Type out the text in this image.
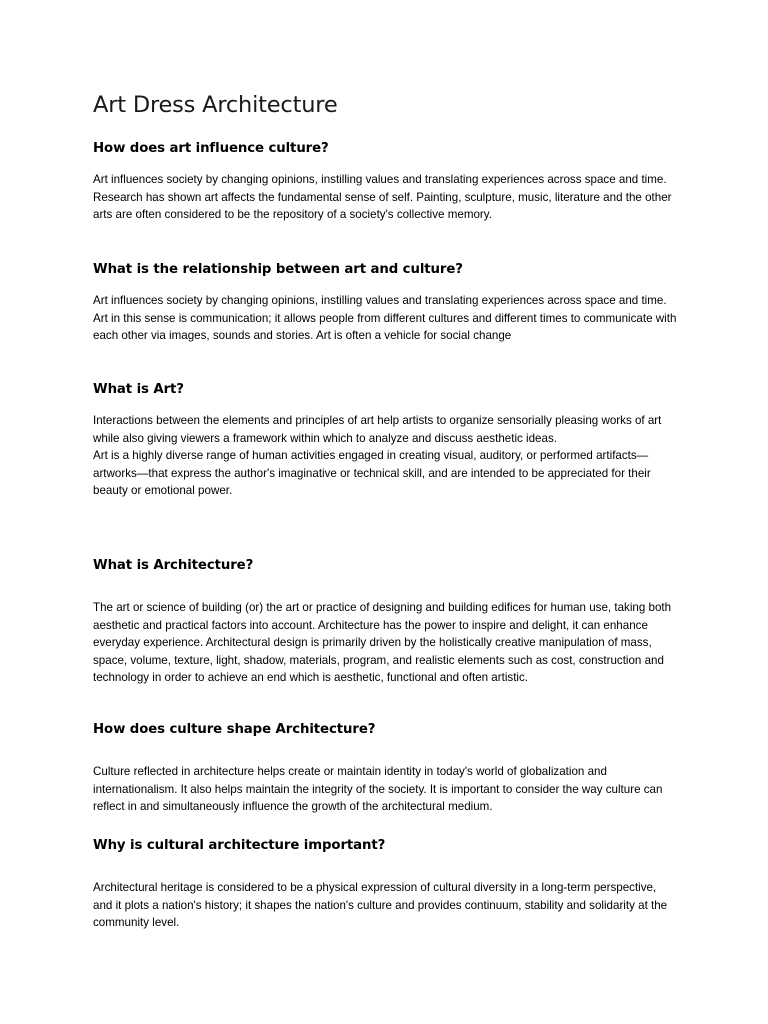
Art Dress Architecture
How does art influence culture?

Art influences society by changing opinions, instilling values and translating experiences across space and time. Research has shown art affects the fundamental sense of self. Painting, sculpture, music, literature and the other arts are often considered to be the repository of a society's collective memory.

What is the relationship between art and culture?

Art influences society by changing opinions, instilling values and translating experiences across space and time. Art in this sense is communication; it allows people from different cultures and different times to communicate with each other via images, sounds and stories. Art is often a vehicle for social change

What is Art?

Interactions between the elements and principles of art help artists to organize sensorially pleasing works of art while also giving viewers a framework within which to analyze and discuss aesthetic ideas.

Art is a highly diverse range of human activities engaged in creating visual, auditory, or performed artifacts— artworks—that express the author's imaginative or technical skill, and are intended to be appreciated for their beauty or emotional power.

What is Architecture?

The art or science of building (or) the art or practice of designing and building edifices for human use, taking both aesthetic and practical factors into account. Architecture has the power to inspire and delight, it can enhance everyday experience. Architectural design is primarily driven by the holistically creative manipulation of mass, space, volume, texture, light, shadow, materials, program, and realistic elements such as cost, construction and technology in order to achieve an end which is aesthetic, functional and often artistic.

How does culture shape Architecture?

Culture reflected in architecture helps create or maintain identity in today's world of globalization and internationalism. It also helps maintain the integrity of the society. It is important to consider the way culture can reflect in and simultaneously influence the growth of the architectural medium.

Why is cultural architecture important?

Architectural heritage is considered to be a physical expression of cultural diversity in a long-term perspective, and it plots a nation's history; it shapes the nation's culture and provides continuum, stability and solidarity at the community level.
